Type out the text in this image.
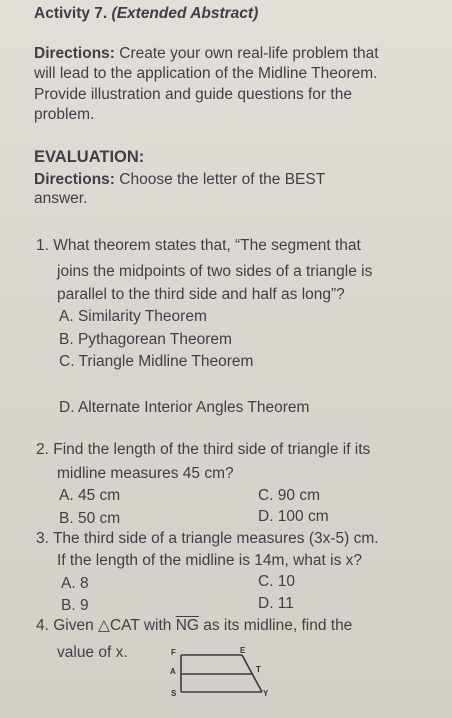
Activity 7. (Extended Abstract)
Directions: Create your own real-life problem that
will lead to the application of the Midline Theorem.
Provide illustration and guide questions for the
problem.
EVALUATION:
Directions: Choose the letter of the BEST
answer.
1. What theorem states that, “The segment that
joins the midpoints of two sides of a triangle is
parallel to the third side and half as long”?
A. Similarity Theorem
B. Pythagorean Theorem
C. Triangle Midline Theorem
D. Alternate Interior Angles Theorem
2. Find the length of the third side of triangle if its
midline measures 45 cm?
A. 45 cm	C. 90 cm
B. 50 cm	D. 100 cm
3. The third side of a triangle measures (3x-5) cm.
If the length of the midline is 14m, what is x?
A. 8	C. 10
B. 9	D. 11
4. Given △CAT with $\overline{NG}$ as its midline, find the
value of x.	F	E
A	T
S	Y
